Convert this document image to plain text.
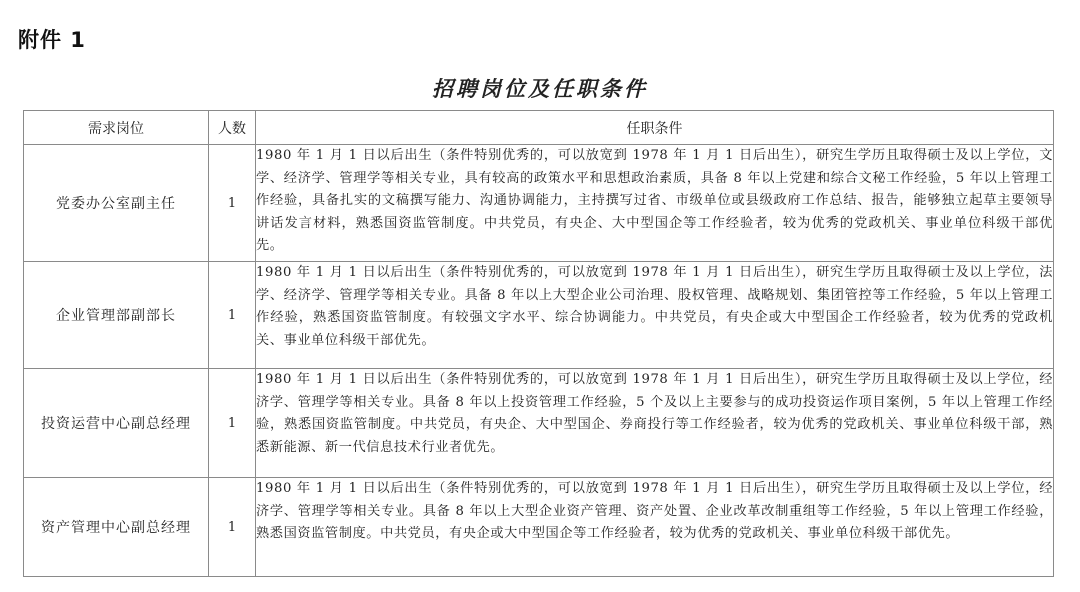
附件 1
招聘岗位及任职条件
需求岗位	人数	任职条件
党委办公室副主任	1	1980 年 1 月 1 日以后出生（条件特别优秀的，可以放宽到 1978 年 1 月 1 日后出生），研究生学历且取得硕士及以上学位，文学、经济学、管理学等相关专业，具有较高的政策水平和思想政治素质，具备 8 年以上党建和综合文秘工作经验，5 年以上管理工作经验，具备扎实的文稿撰写能力、沟通协调能力，主持撰写过省、市级单位或县级政府工作总结、报告，能够独立起草主要领导讲话发言材料，熟悉国资监管制度。中共党员，有央企、大中型国企等工作经验者，较为优秀的党政机关、事业单位科级干部优先。
企业管理部副部长	1	1980 年 1 月 1 日以后出生（条件特别优秀的，可以放宽到 1978 年 1 月 1 日后出生），研究生学历且取得硕士及以上学位，法学、经济学、管理学等相关专业。具备 8 年以上大型企业公司治理、股权管理、战略规划、集团管控等工作经验，5 年以上管理工作经验，熟悉国资监管制度。有较强文字水平、综合协调能力。中共党员，有央企或大中型国企工作经验者，较为优秀的党政机关、事业单位科级干部优先。
投资运营中心副总经理	1	1980 年 1 月 1 日以后出生（条件特别优秀的，可以放宽到 1978 年 1 月 1 日后出生），研究生学历且取得硕士及以上学位，经济学、管理学等相关专业。具备 8 年以上投资管理工作经验，5 个及以上主要参与的成功投资运作项目案例，5 年以上管理工作经验，熟悉国资监管制度。中共党员，有央企、大中型国企、券商投行等工作经验者，较为优秀的党政机关、事业单位科级干部，熟悉新能源、新一代信息技术行业者优先。
资产管理中心副总经理	1	1980 年 1 月 1 日以后出生（条件特别优秀的，可以放宽到 1978 年 1 月 1 日后出生），研究生学历且取得硕士及以上学位，经济学、管理学等相关专业。具备 8 年以上大型企业资产管理、资产处置、企业改革改制重组等工作经验，5 年以上管理工作经验，熟悉国资监管制度。中共党员，有央企或大中型国企等工作经验者，较为优秀的党政机关、事业单位科级干部优先。
